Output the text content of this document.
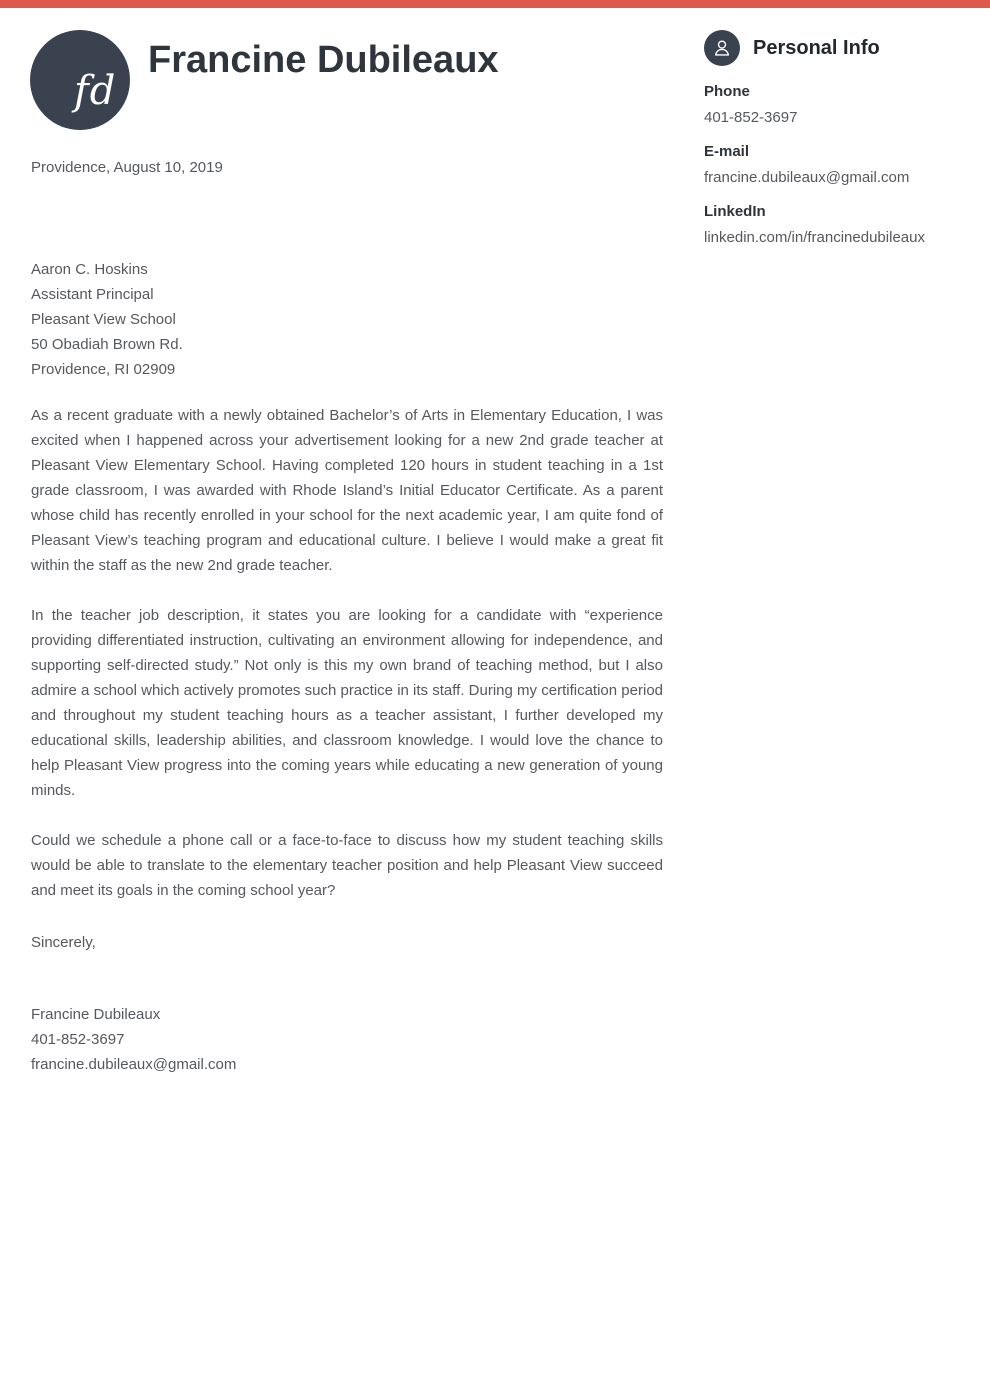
fd
Francine Dubileaux	Personal Info
Phone
401-852-3697
E-mail
francine.dubileaux@gmail.com
LinkedIn
linkedin.com/in/francinedubileaux

Providence, August 10, 2019

Aaron C. Hoskins
Assistant Principal
Pleasant View School
50 Obadiah Brown Rd.
Providence, RI 02909

As a recent graduate with a newly obtained Bachelor’s of Arts in Elementary Education, I was excited when I happened across your advertisement looking for a new 2nd grade teacher at Pleasant View Elementary School. Having completed 120 hours in student teaching in a 1st grade classroom, I was awarded with Rhode Island’s Initial Educator Certificate. As a parent whose child has recently enrolled in your school for the next academic year, I am quite fond of Pleasant View’s teaching program and educational culture. I believe I would make a great fit within the staff as the new 2nd grade teacher.

In the teacher job description, it states you are looking for a candidate with “experience providing differentiated instruction, cultivating an environment allowing for independence, and supporting self-directed study.” Not only is this my own brand of teaching method, but I also admire a school which actively promotes such practice in its staff. During my certification period and throughout my student teaching hours as a teacher assistant, I further developed my educational skills, leadership abilities, and classroom knowledge. I would love the chance to help Pleasant View progress into the coming years while educating a new generation of young minds.

Could we schedule a phone call or a face-to-face to discuss how my student teaching skills would be able to translate to the elementary teacher position and help Pleasant View succeed and meet its goals in the coming school year?

Sincerely,

Francine Dubileaux
401-852-3697
francine.dubileaux@gmail.com
